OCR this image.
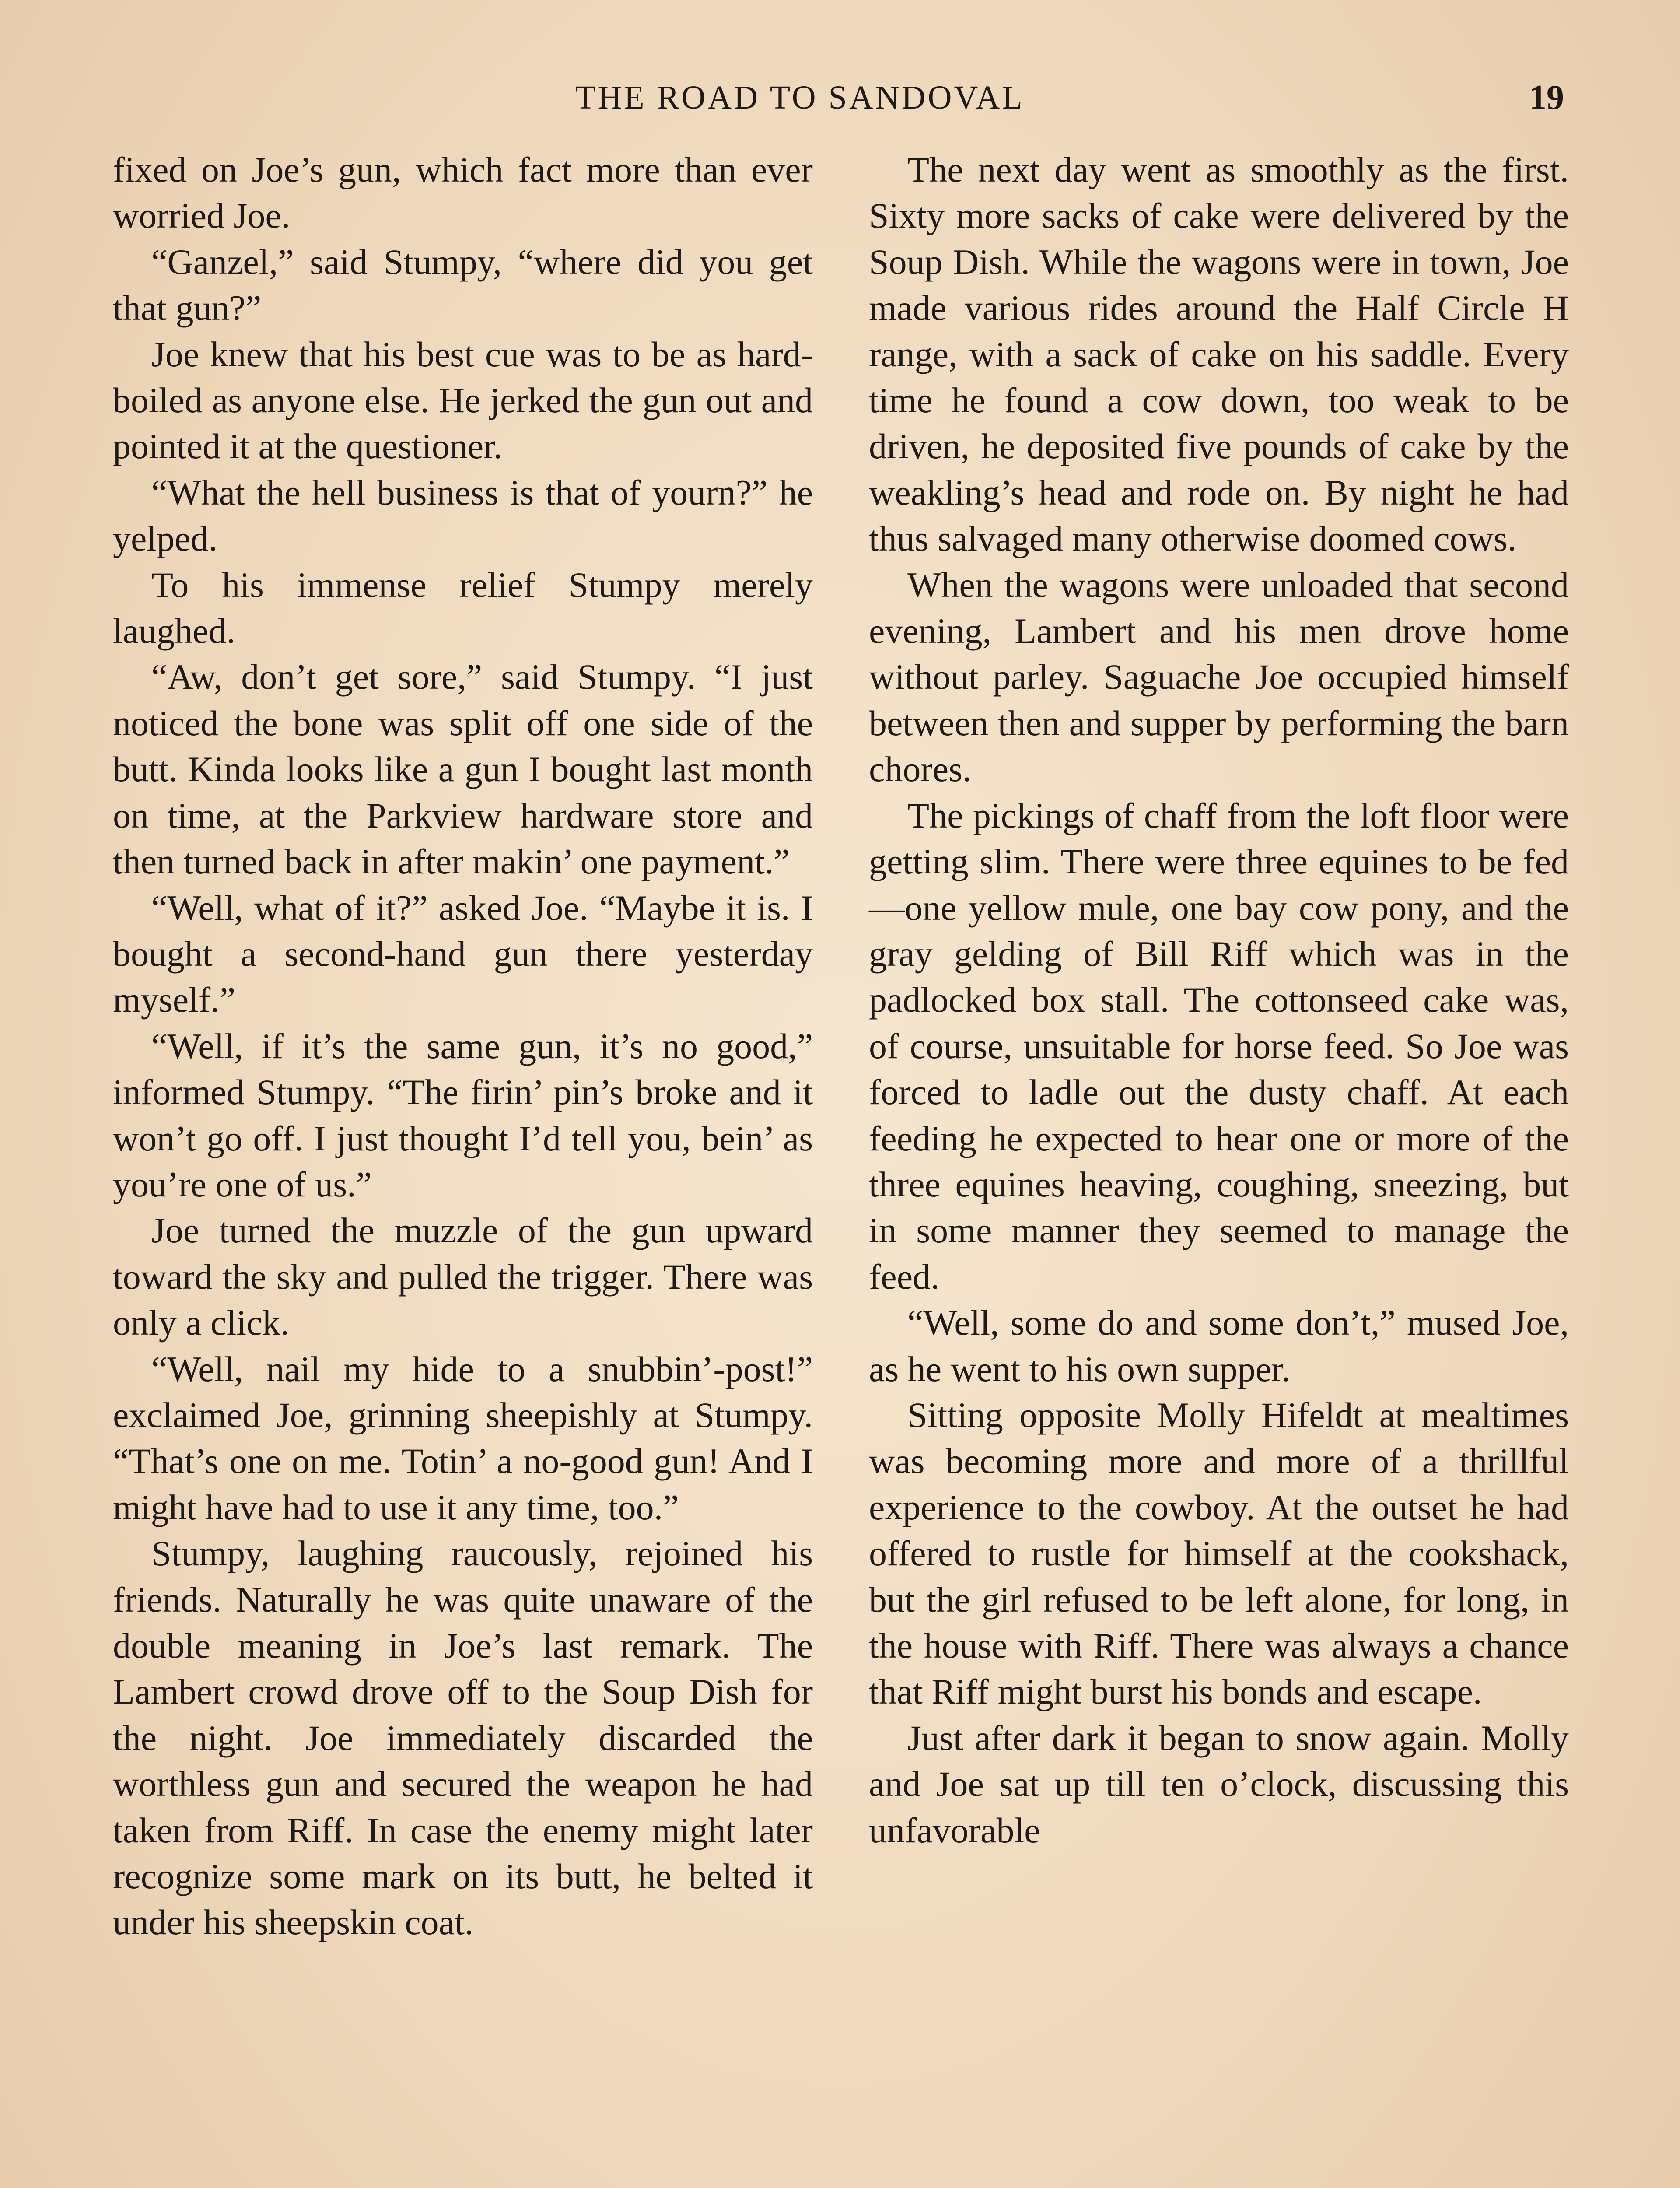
THE ROAD TO SANDOVAL	19

fixed on Joe’s gun, which fact more than ever worried Joe.

“Ganzel,” said Stumpy, “where did you get that gun?”

Joe knew that his best cue was to be as hard-boiled as anyone else. He jerked the gun out and pointed it at the questioner.

“What the hell business is that of yourn?” he yelped.

To his immense relief Stumpy merely laughed.

“Aw, don’t get sore,” said Stumpy. “I just noticed the bone was split off one side of the butt. Kinda looks like a gun I bought last month on time, at the Parkview hardware store and then turned back in after makin’ one payment.”

“Well, what of it?” asked Joe. “Maybe it is. I bought a second-hand gun there yesterday myself.”

“Well, if it’s the same gun, it’s no good,” informed Stumpy. “The firin’ pin’s broke and it won’t go off. I just thought I’d tell you, bein’ as you’re one of us.”

Joe turned the muzzle of the gun upward toward the sky and pulled the trigger. There was only a click.

“Well, nail my hide to a snubbin’-post!” exclaimed Joe, grinning sheepishly at Stumpy. “That’s one on me. Totin’ a no-good gun! And I might have had to use it any time, too.”

Stumpy, laughing raucously, rejoined his friends. Naturally he was quite unaware of the double meaning in Joe’s last remark. The Lambert crowd drove off to the Soup Dish for the night. Joe immediately discarded the worthless gun and secured the weapon he had taken from Riff. In case the enemy might later recognize some mark on its butt, he belted it under his sheepskin coat.

The next day went as smoothly as the first. Sixty more sacks of cake were delivered by the Soup Dish. While the wagons were in town, Joe made various rides around the Half Circle H range, with a sack of cake on his saddle. Every time he found a cow down, too weak to be driven, he deposited five pounds of cake by the weakling’s head and rode on. By night he had thus salvaged many otherwise doomed cows.

When the wagons were unloaded that second evening, Lambert and his men drove home without parley. Saguache Joe occupied himself between then and supper by performing the barn chores.

The pickings of chaff from the loft floor were getting slim. There were three equines to be fed—one yellow mule, one bay cow pony, and the gray gelding of Bill Riff which was in the padlocked box stall. The cottonseed cake was, of course, unsuitable for horse feed. So Joe was forced to ladle out the dusty chaff. At each feeding he expected to hear one or more of the three equines heaving, coughing, sneezing, but in some manner they seemed to manage the feed.

“Well, some do and some don’t,” mused Joe, as he went to his own supper.

Sitting opposite Molly Hifeldt at mealtimes was becoming more and more of a thrillful experience to the cowboy. At the outset he had offered to rustle for himself at the cookshack, but the girl refused to be left alone, for long, in the house with Riff. There was always a chance that Riff might burst his bonds and escape.

Just after dark it began to snow again. Molly and Joe sat up till ten o’clock, discussing this unfavorable
